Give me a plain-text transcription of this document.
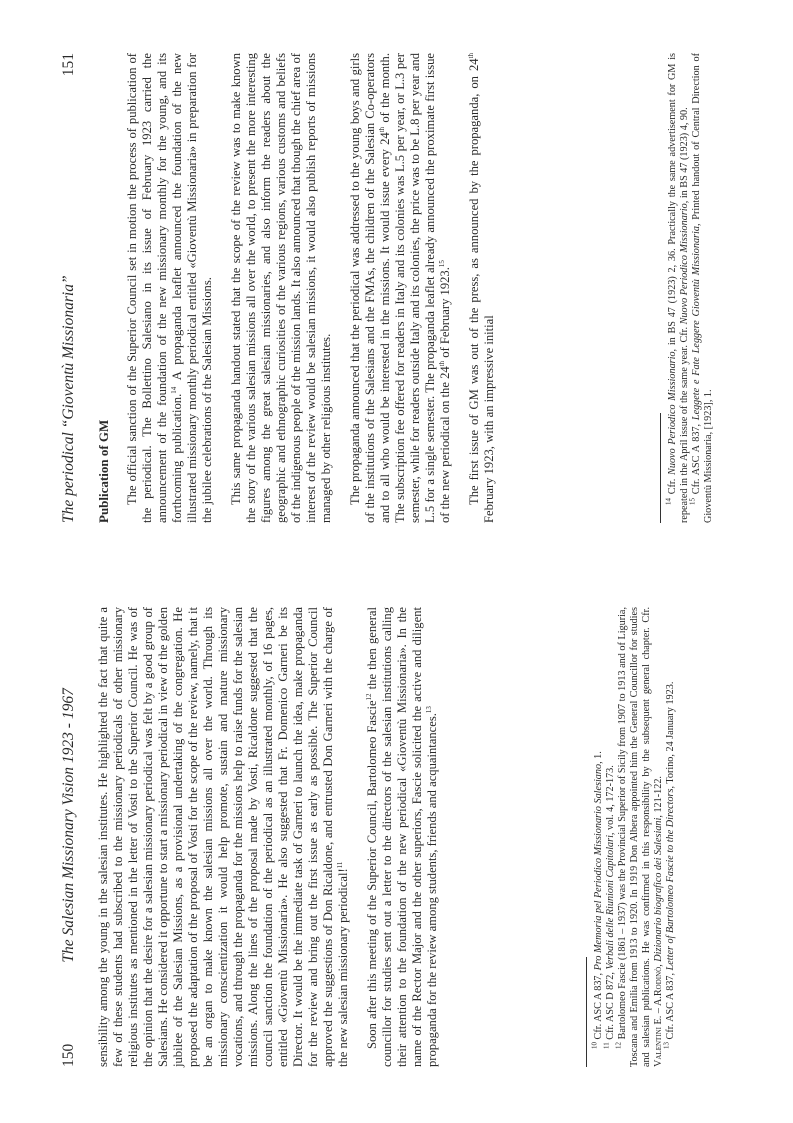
150
The Salesian Missionary Vision 1923 - 1967 sensibility among the young in the salesian institutes. He highlighted the fact that quite a few of these students had subscribed to the missionary periodicals of other missionary religious institutes as mentioned in the letter of Vosti to the Superior Council. He was of the opinion that the desire for a salesian missionary periodical was felt by a good group of Salesians. He considered it opportune to start a missionary periodical in view of the golden jubilee of the Salesian Missions, as a provisional undertaking of the congregation. He proposed the adaptation of the proposal of Vosti for the scope of the review, namely, that it be an organ to make known the salesian missions all over the world. Through its missionary conscientization it would help promote, sustain and mature missionary vocations, and through the propaganda for the missions help to raise funds for the salesian missions. Along the lines of the proposal made by Vosti, Ricaldone suggested that the council sanction the foundation of the periodical as an illustrated monthly, of 16 pages, entitled «Gioventù Missionaria». He also suggested that Fr. Domenico Garneri be its Director. It would be the immediate task of Garneri to launch the idea, make propaganda for the review and bring out the first issue as early as possible. The Superior Council approved the suggestions of Don Ricaldone, and entrusted Don Garneri with the charge of the new salesian missionary periodical!$^{11}$	Soon after this meeting of the Superior Council, Bartolomeo Fascie$^{12}$ the then general councillor for studies sent out a letter to the directors of the salesian institutions calling their attention to the foundation of the new periodical «Gioventù Missionaria». In the name of the Rector Major and the other superiors, Fascie solicited the active and diligent propaganda for the review among students, friends and acquaintances.$^{13}$

$^{10}$ Cfr. ASC A 837, Pro Memoria pel Periodico Missionario Salesiano, 1.

$^{11}$ Cfr. ASC D 872, Verbali delle Riunioni Capitolari, vol. 4, 172-173.

$^{12}$ Bartolomeo Fascie (1861 – 1937) was the Provincial Superior of Sicily from 1907 to 1913 and of Liguria, Toscana and Emilia from 1913 to 1920. In 1919 Don Albera appointed him the General Councillor for studies and salesian publications. He was confirmed in this responsibility by the subsequent general chapter. Cfr. Valentini E. – A.Rodinò, Dizionario biografico dei Salesiani, 121-122.

$^{13}$ Cfr. ASC A 837, Letter of Bartolomeo Fascie to the Directors, Torino, 24 January 1923.

The periodical “Gioventù Missionaria”
151
Publication of GM The official sanction of the Superior Council set in motion the process of publication of the periodical. The Bollettino Salesiano in its issue of February 1923 carried the announcement of the foundation of the new missionary monthly for the young, and its forthcoming publication.$^{14}$ A propaganda leaflet announced the foundation of the new illustrated missionary monthly periodical entitled «Gioventù Missionaria» in preparation for the jubilee celebrations of the Salesian Missions. This same propaganda handout stated that the scope of the review was to make known the story of the various salesian missions all over the world, to present the more interesting figures among the great salesian missionaries, and also inform the readers about the geographic and ethnographic curiosities of the various regions, various customs and beliefs of the indigenous people of the mission lands. It also announced that though the chief area of interest of the review would be salesian missions, it would also publish reports of missions managed by other religious institutes. The propaganda announced that the periodical was addressed to the young boys and girls of the institutions of the Salesians and the FMAs, the children of the Salesian Co-operators and to all who would be interested in the missions. It would issue every 24th of the month. The subscription fee offered for readers in Italy and its colonies was L.5 per year, or L.3 per semester, while for readers outside Italy and its colonies, the price was to be L.8 per year and L.5 for a single semester. The propaganda leaflet already announced the proximate first issue of the new periodical on the 24th of February 1923.15	The first issue of GM was out of the press, as announced by the propaganda, on 24th February 1923, with an impressive initial	$^{14}$ Cfr. Nuovo Periodico Missionario, in BS 47 (1923) 2, 36. Practically the same advertisement for GM is repeated in the April issue of the same year. Cfr. Nuovo Periodico Missionario, in BS 47 (1923) 4, 90.

$^{15}$ Cfr. ASC A 837, Leggete e Fate Leggere Gioventù Missionaria, Printed handout of Central Direction of Gioventù Missionaria, [1923], 1.
